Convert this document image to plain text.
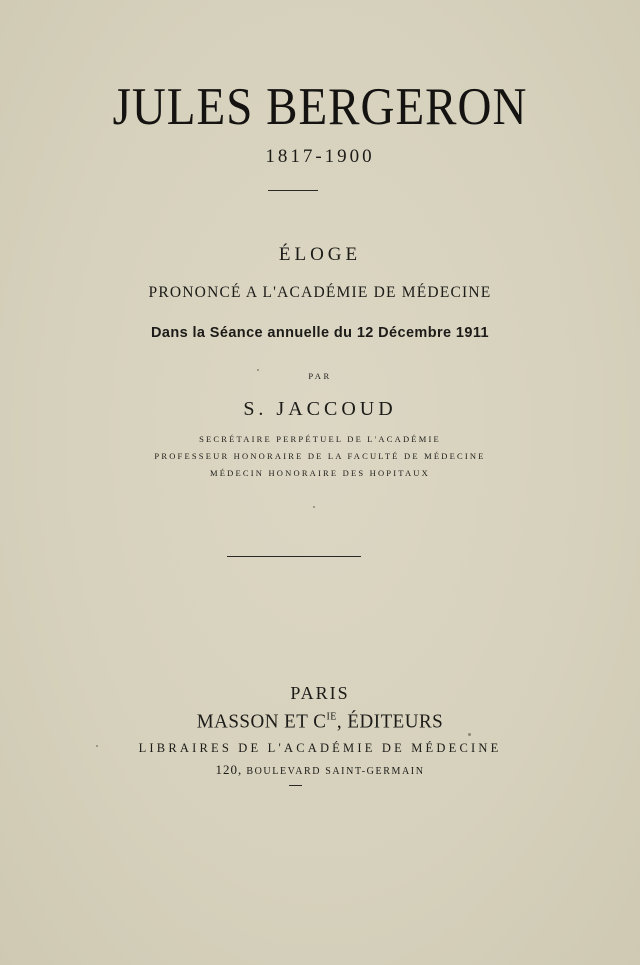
JULES BERGERON
1817-1900
ÉLOGE
PRONONCÉ A L'ACADÉMIE DE MÉDECINE
Dans la Séance annuelle du 12 Décembre 1911
PAR
S. JACCOUD
SECRÉTAIRE PERPÉTUEL DE L'ACADÉMIE
PROFESSEUR HONORAIRE DE LA FACULTÉ DE MÉDECINE
MÉDECIN HONORAIRE DES HOPITAUX
PARIS
MASSON ET $C^{IE}$, ÉDITEURS
LIBRAIRES DE L'ACADÉMIE DE MÉDECINE
120, BOULEVARD SAINT-GERMAIN
